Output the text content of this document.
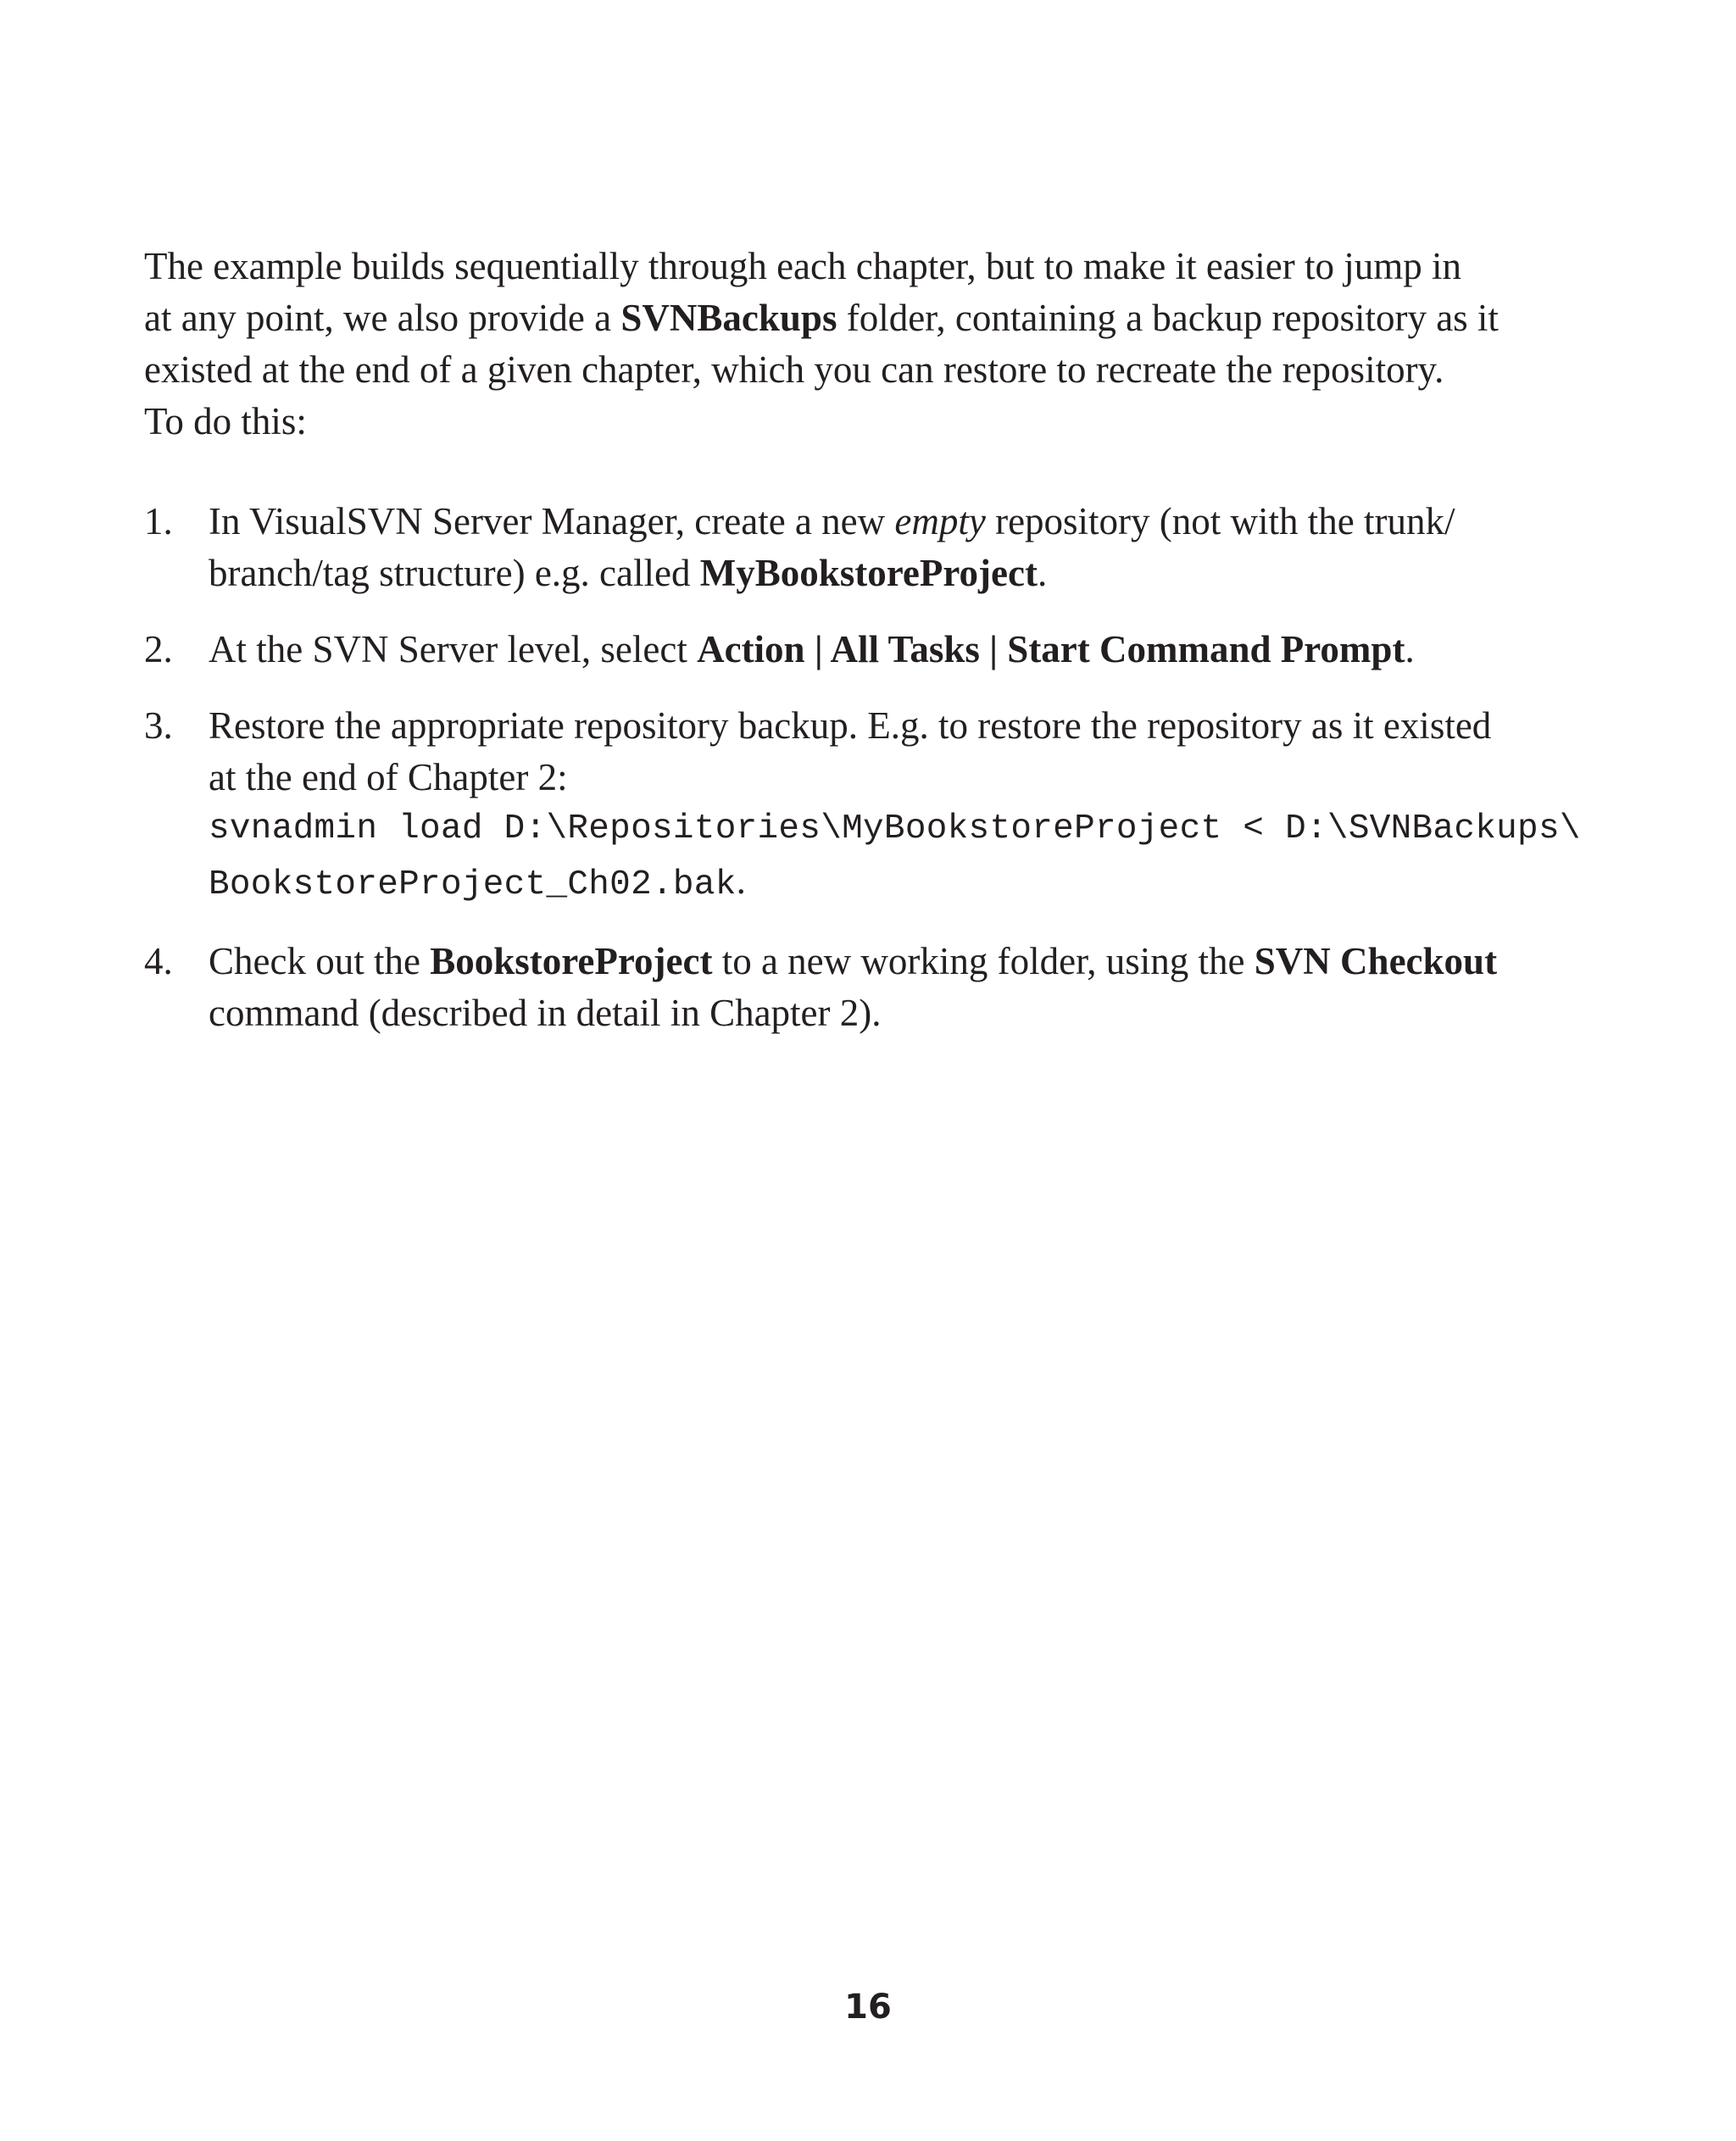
The example builds sequentially through each chapter, but to make it easier to jump in
at any point, we also provide a SVNBackups folder, containing a backup repository as it
existed at the end of a given chapter, which you can restore to recreate the repository.
To do this:

1. In VisualSVN Server Manager, create a new empty repository (not with the trunk/
branch/tag structure) e.g. called MyBookstoreProject.
2. At the SVN Server level, select Action | All Tasks | Start Command Prompt.
3. Restore the appropriate repository backup. E.g. to restore the repository as it existed
at the end of Chapter 2:
svnadmin load D:\Repositories\MyBookstoreProject < D:\SVNBackups\
BookstoreProject_Ch02.bak.
4. Check out the BookstoreProject to a new working folder, using the SVN Checkout
command (described in detail in Chapter 2).
16
